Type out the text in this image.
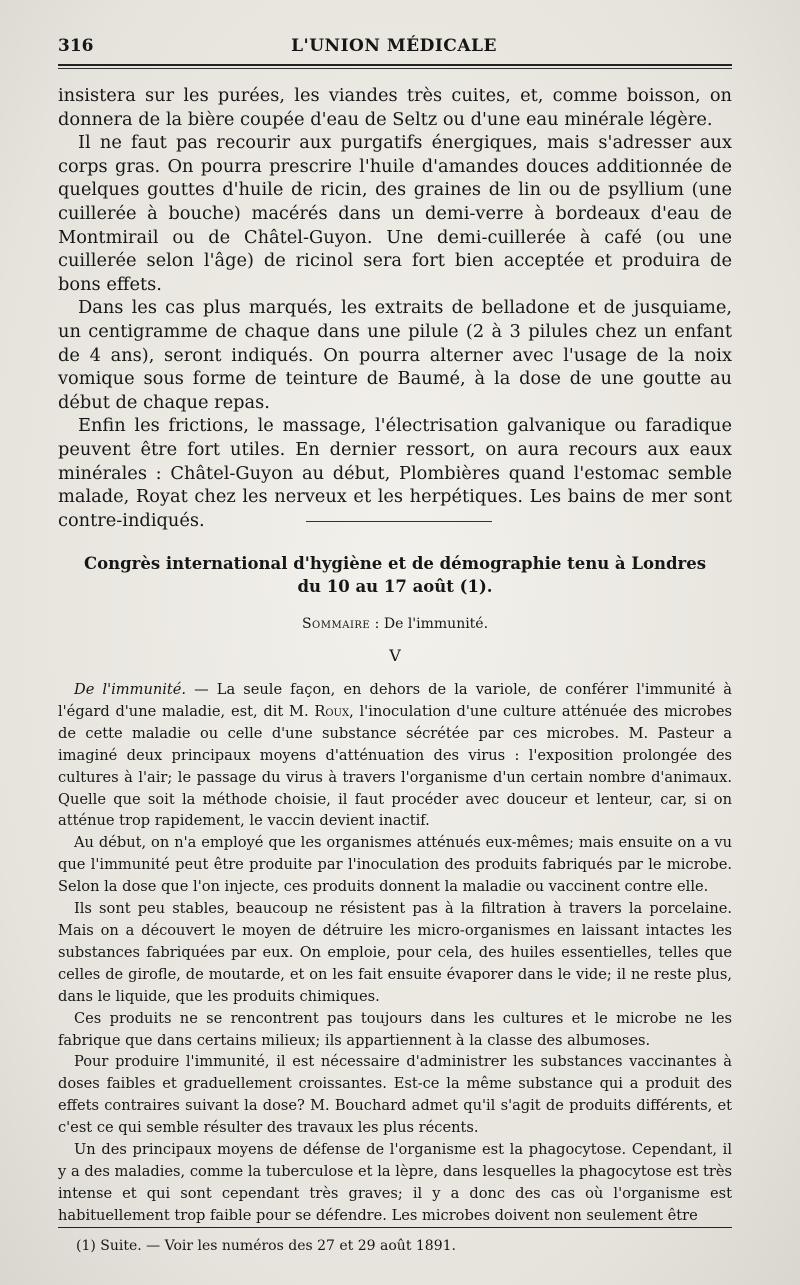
316	L'UNION MÉDICALE

insistera sur les purées, les viandes très cuites, et, comme boisson, on donnera de la bière coupée d'eau de Seltz ou d'une eau minérale légère.

Il ne faut pas recourir aux purgatifs énergiques, mais s'adresser aux corps gras. On pourra prescrire l'huile d'amandes douces additionnée de quelques gouttes d'huile de ricin, des graines de lin ou de psyllium (une cuillerée à bouche) macérés dans un demi-verre à bordeaux d'eau de Montmirail ou de Châtel-Guyon. Une demi-cuillerée à café (ou une cuillerée selon l'âge) de ricinol sera fort bien acceptée et produira de bons effets.

Dans les cas plus marqués, les extraits de belladone et de jusquiame, un centigramme de chaque dans une pilule (2 à 3 pilules chez un enfant de 4 ans), seront indiqués. On pourra alterner avec l'usage de la noix vomique sous forme de teinture de Baumé, à la dose de une goutte au début de chaque repas.

Enfin les frictions, le massage, l'électrisation galvanique ou faradique peuvent être fort utiles. En dernier ressort, on aura recours aux eaux minérales : Châtel-Guyon au début, Plombières quand l'estomac semble malade, Royat chez les nerveux et les herpétiques. Les bains de mer sont contre-indiqués.

Congrès international d'hygiène et de démographie tenu à Londres
du 10 au 17 août (1).
Sommaire : De l'immunité.
V

De l'immunité. — La seule façon, en dehors de la variole, de conférer l'immunité à l'égard d'une maladie, est, dit M. Roux, l'inoculation d'une culture atténuée des microbes de cette maladie ou celle d'une substance sécrétée par ces microbes. M. Pasteur a imaginé deux principaux moyens d'atténuation des virus : l'exposition prolongée des cultures à l'air; le passage du virus à travers l'organisme d'un certain nombre d'animaux. Quelle que soit la méthode choisie, il faut procéder avec douceur et lenteur, car, si on atténue trop rapidement, le vaccin devient inactif.

Au début, on n'a employé que les organismes atténués eux-mêmes; mais ensuite on a vu que l'immunité peut être produite par l'inoculation des produits fabriqués par le microbe. Selon la dose que l'on injecte, ces produits donnent la maladie ou vaccinent contre elle.

Ils sont peu stables, beaucoup ne résistent pas à la filtration à travers la porcelaine. Mais on a découvert le moyen de détruire les micro-organismes en laissant intactes les substances fabriquées par eux. On emploie, pour cela, des huiles essentielles, telles que celles de girofle, de moutarde, et on les fait ensuite évaporer dans le vide; il ne reste plus, dans le liquide, que les produits chimiques.

Ces produits ne se rencontrent pas toujours dans les cultures et le microbe ne les fabrique que dans certains milieux; ils appartiennent à la classe des albumoses.

Pour produire l'immunité, il est nécessaire d'administrer les substances vaccinantes à doses faibles et graduellement croissantes. Est-ce la même substance qui a produit des effets contraires suivant la dose? M. Bouchard admet qu'il s'agit de produits différents, et c'est ce qui semble résulter des travaux les plus récents.

Un des principaux moyens de défense de l'organisme est la phagocytose. Cependant, il y a des maladies, comme la tuberculose et la lèpre, dans lesquelles la phagocytose est très intense et qui sont cependant très graves; il y a donc des cas où l'organisme est habituellement trop faible pour se défendre. Les microbes doivent non seulement être

(1) Suite. — Voir les numéros des 27 et 29 août 1891.
